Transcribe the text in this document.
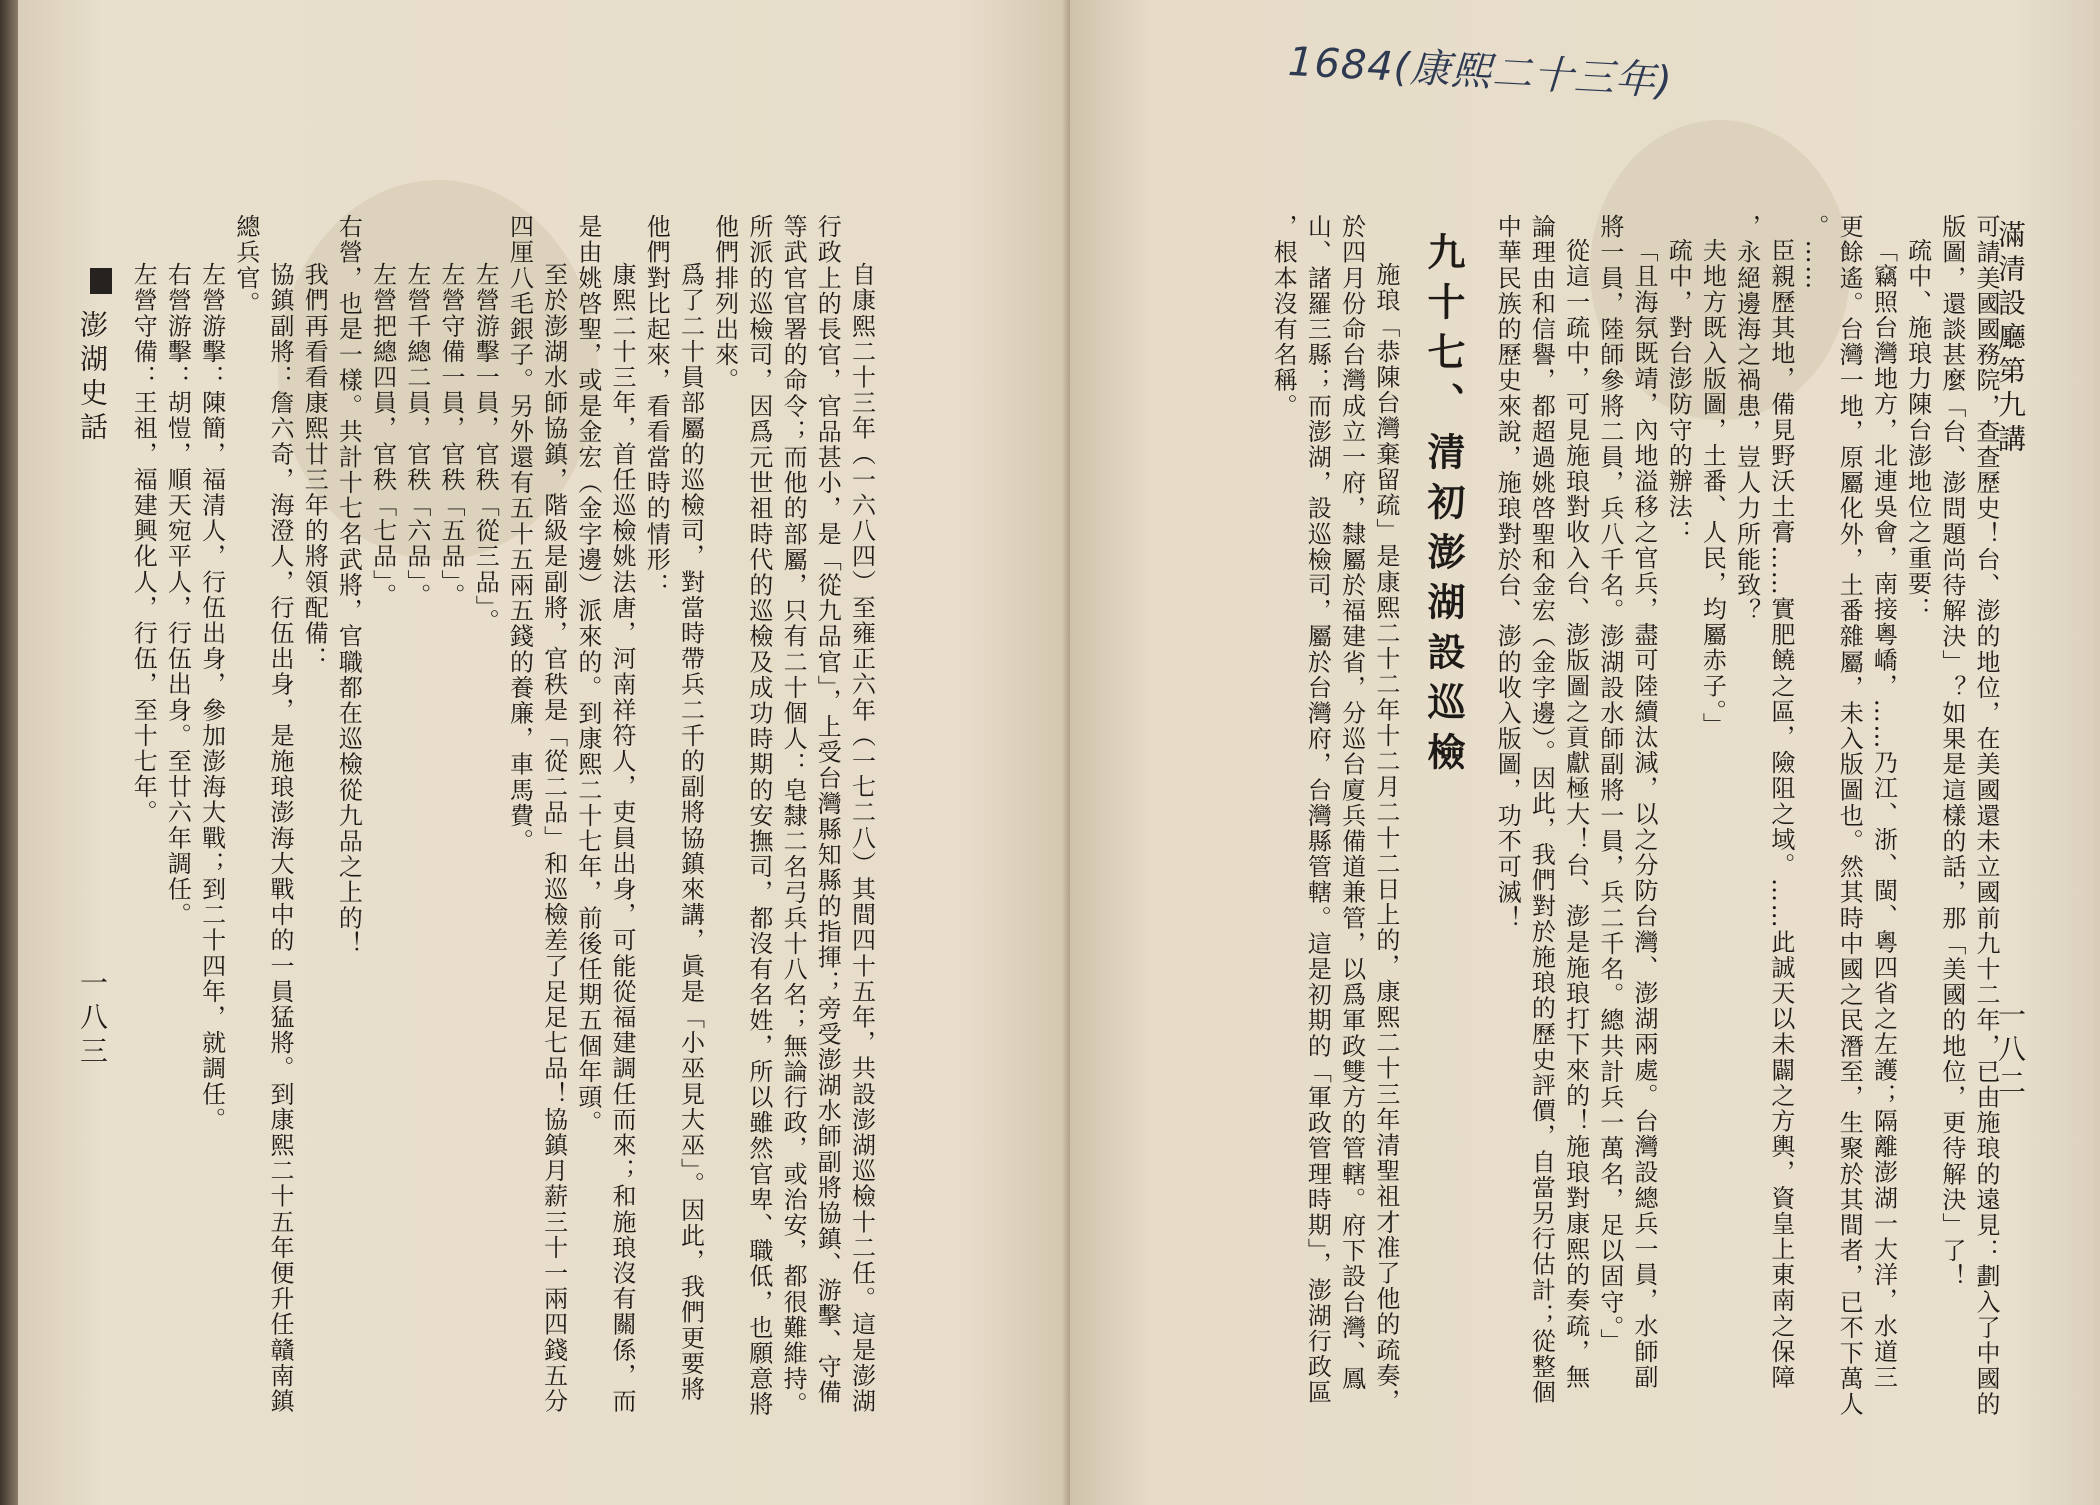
澎湖史話
一八三	自康熙二十三年（一六八四）至雍正六年（一七二八）其間四十五年，共設澎湖巡檢十二任。這是澎湖

行政上的長官，官品甚小，是「從九品官」，上受台灣縣知縣的指揮；旁受澎湖水師副將協鎮、游擊、守備

等武官官署的命令；而他的部屬，只有二十個人：皂隸二名弓兵十八名；無論行政，或治安，都很難維持。

所派的巡檢司，因爲元世祖時代的巡檢及成功時期的安撫司，都沒有名姓，所以雖然官卑、職低，也願意將

他們排列出來。

爲了二十員部屬的巡檢司，對當時帶兵二千的副將協鎮來講，眞是「小巫見大巫」。因此，我們更要將

他們對比起來，看看當時的情形：

康熙二十三年，首任巡檢姚法唐，河南祥符人，吏員出身，可能從福建調任而來；和施琅沒有關係，而

是由姚啓聖，或是金宏（金字邊）派來的。到康熙二十七年，前後任期五個年頭。

至於澎湖水師協鎮，階級是副將，官秩是「從二品」和巡檢差了足足七品！協鎮月薪三十一兩四錢五分

四厘八毛銀子。另外還有五十五兩五錢的養廉，車馬費。

左營游擊一員，官秩「從三品」。

左營守備一員，官秩「五品」。

左營千總二員，官秩「六品」。

左營把總四員，官秩「七品」。

右營，也是一樣。共計十七名武將，官職都在巡檢從九品之上的！

我們再看看康熙廿三年的將領配備：

協鎮副將：詹六奇，海澄人，行伍出身，是施琅澎海大戰中的一員猛將。到康熙二十五年便升任贛南鎮

總兵官。

左營游擊：陳簡，福清人，行伍出身，參加澎海大戰；到二十四年，就調任。

右營游擊：胡愷，順天宛平人，行伍出身。至廿六年調任。

左營守備：王祖，福建興化人，行伍，至十七年。

1684(康熙二十三年)
滿清設廳第九講
一八二

可請美國國務院，查查歷史！台、澎的地位，在美國還未立國前九十二年，已由施琅的遠見：劃入了中國的

版圖，還談甚麼「台、澎問題尚待解決」？如果是這樣的話，那「美國的地位，更待解決」了！

疏中、施琅力陳台澎地位之重要：

「竊照台灣地方，北連吳會，南接粵嶠，……乃江、浙、閩、粵四省之左護；隔離澎湖一大洋，水道三

更餘遙。台灣一地，原屬化外，土番雜屬，未入版圖也。然其時中國之民潛至，生聚於其間者，已不下萬人

。……

臣親歷其地，備見野沃土膏……實肥饒之區，險阻之域。……此誠天以未闢之方輿，資皇上東南之保障

，永絕邊海之禍患，豈人力所能致？

夫地方既入版圖，土番、人民，均屬赤子。」

疏中，對台澎防守的辦法：

「且海氛既靖，內地溢移之官兵，盡可陸續汰減，以之分防台灣、澎湖兩處。台灣設總兵一員，水師副

將一員，陸師參將二員，兵八千名。澎湖設水師副將一員，兵二千名。總共計兵一萬名，足以固守。」

從這一疏中，可見施琅對收入台、澎版圖之貢獻極大！台、澎是施琅打下來的！施琅對康熙的奏疏，無

論理由和信譽，都超過姚啓聖和金宏（金字邊）。因此，我們對於施琅的歷史評價，自當另行估計；從整個

中華民族的歷史來說，施琅對於台、澎的收入版圖，功不可滅！

九十七、清初澎湖設巡檢

施琅「恭陳台灣棄留疏」是康熙二十二年十二月二十二日上的，康熙二十三年清聖祖才准了他的疏奏，

於四月份命台灣成立一府，隸屬於福建省，分巡台廈兵備道兼管，以爲軍政雙方的管轄。府下設台灣、鳳

山、諸羅三縣；而澎湖，設巡檢司，屬於台灣府，台灣縣管轄。這是初期的「軍政管理時期」，澎湖行政區

，根本沒有名稱。
